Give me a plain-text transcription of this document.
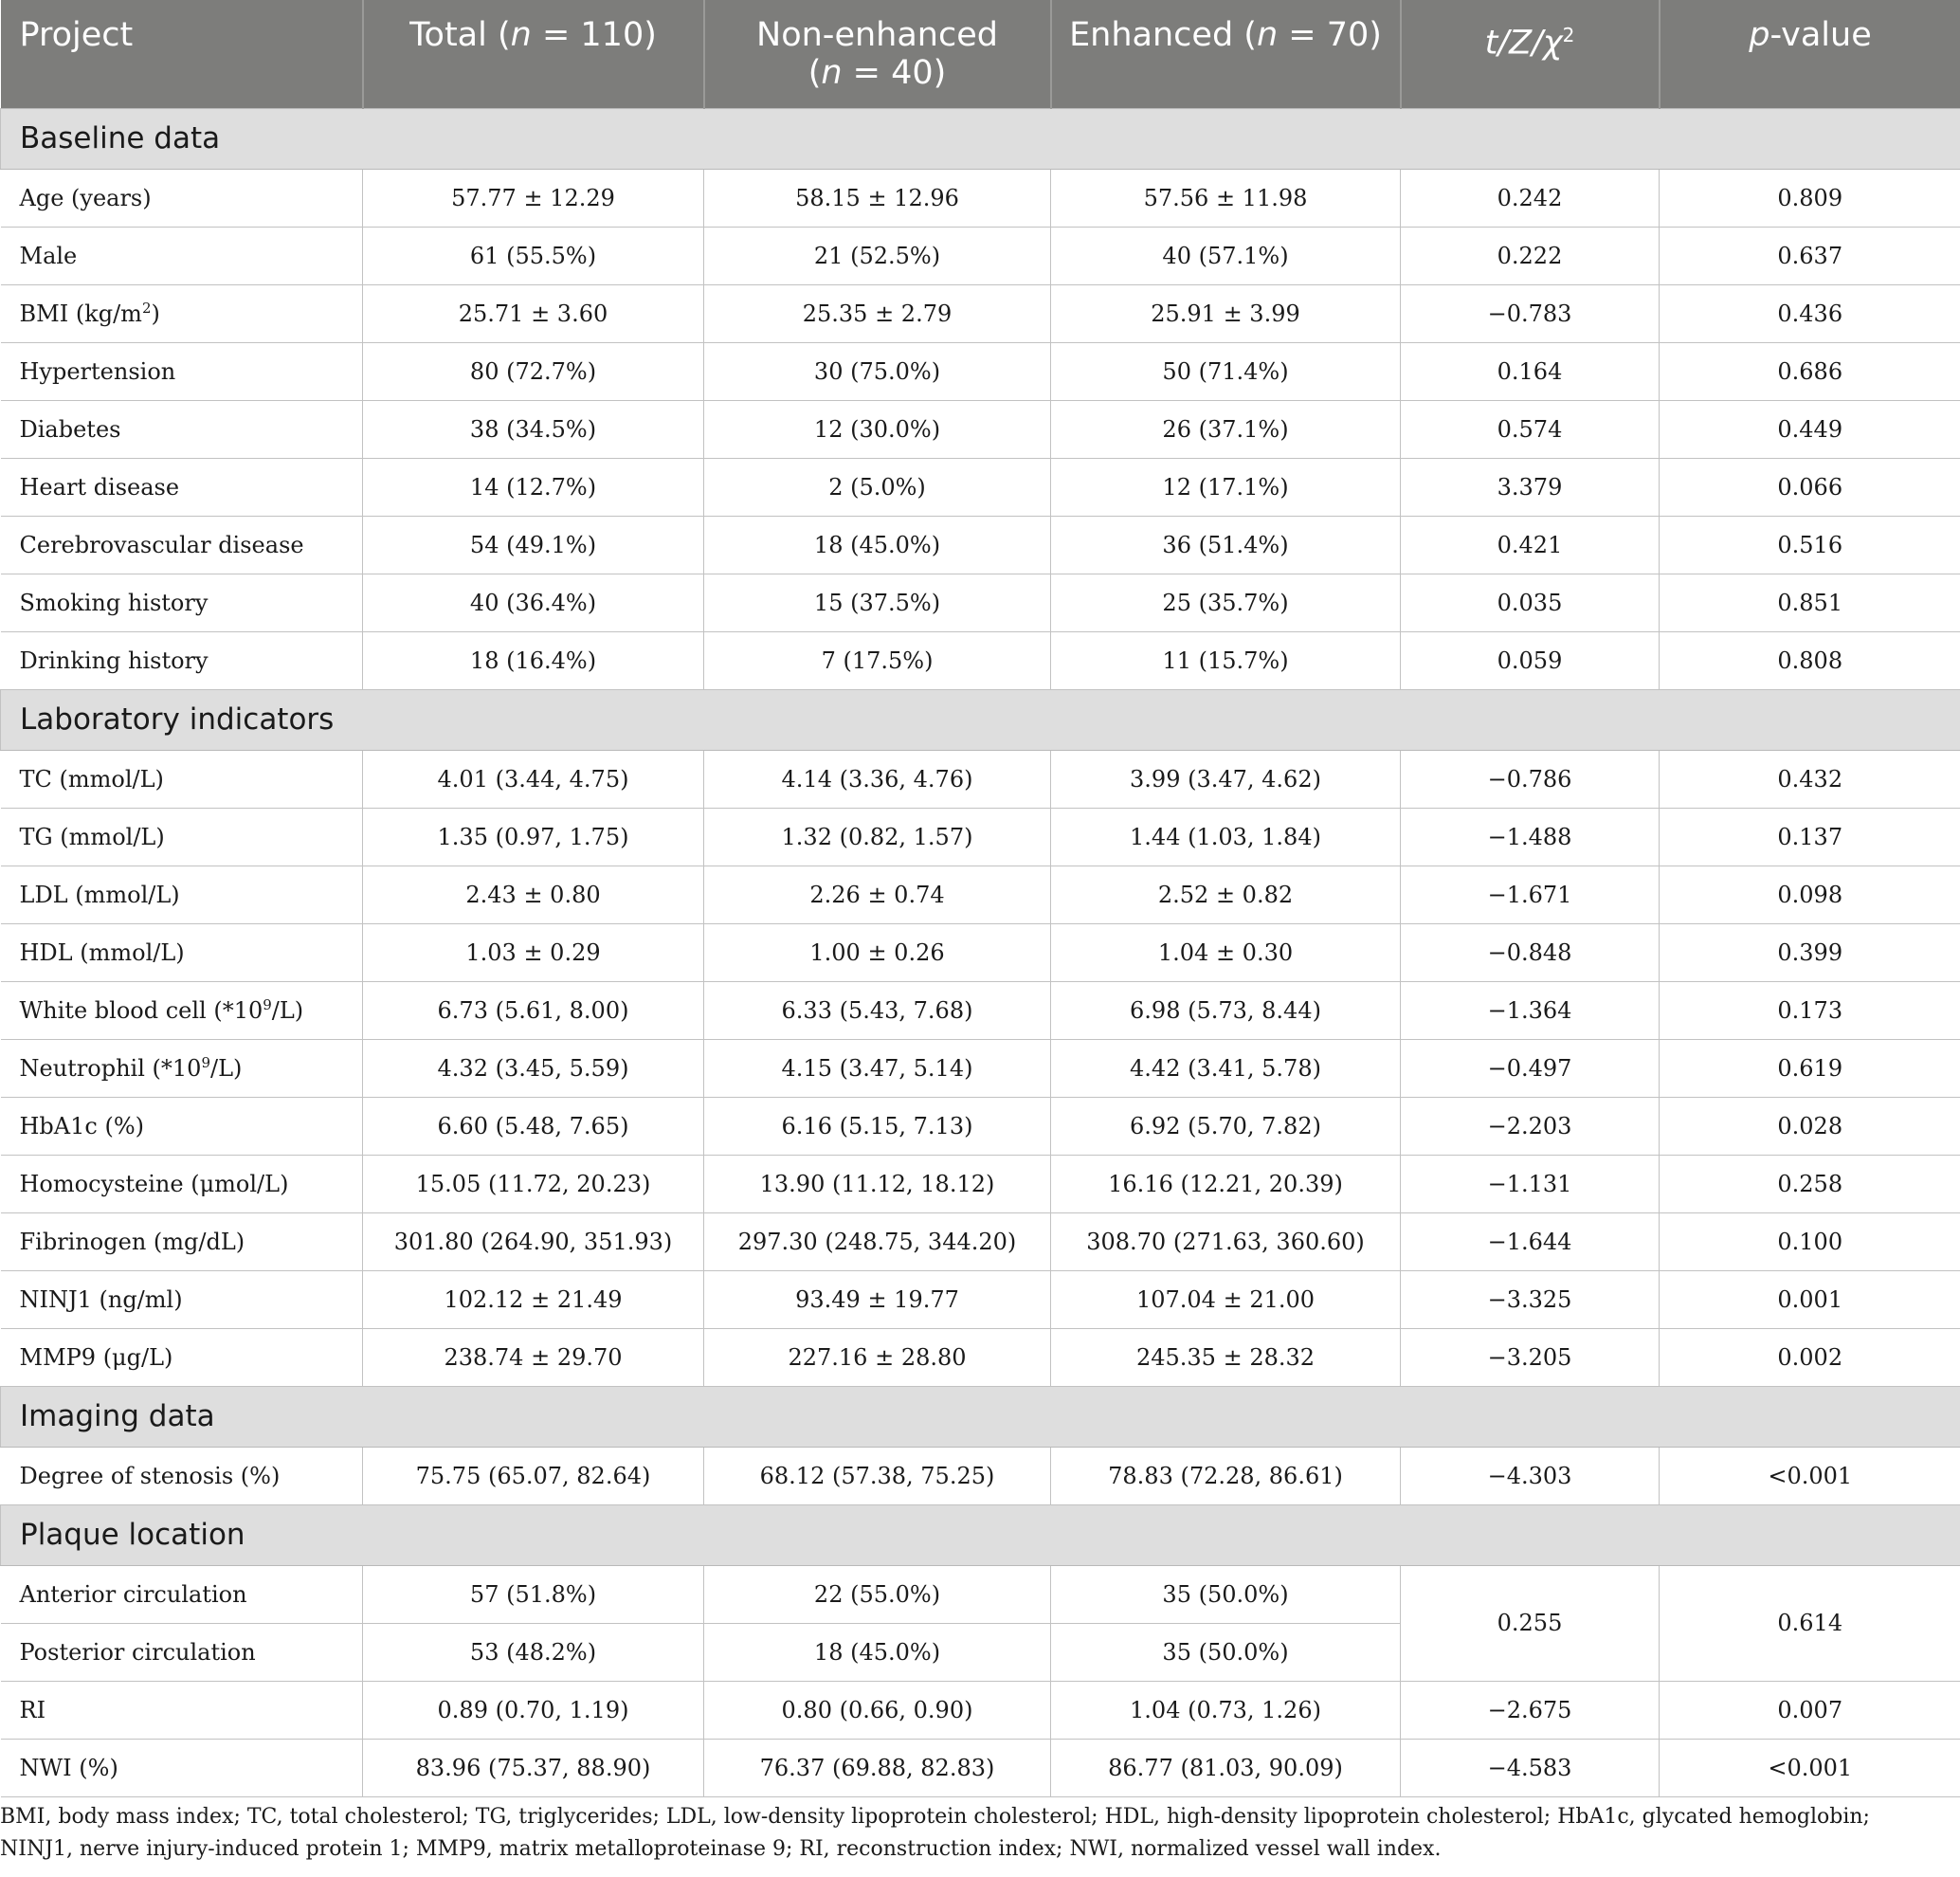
Project	Total (n = 110)	Non-enhanced
(n = 40)	Enhanced (n = 70)	$t/Z/\chi^2$	p-value
Baseline data					
Age (years)	57.77 ± 12.29	58.15 ± 12.96	57.56 ± 11.98	0.242	0.809
Male	61 (55.5%)	21 (52.5%)	40 (57.1%)	0.222	0.637
BMI $(kg/m^2)$	25.71 ± 3.60	25.35 ± 2.79	25.91 ± 3.99	−0.783	0.436
Hypertension	80 (72.7%)	30 (75.0%)	50 (71.4%)	0.164	0.686
Diabetes	38 (34.5%)	12 (30.0%)	26 (37.1%)	0.574	0.449
Heart disease	14 (12.7%)	2 (5.0%)	12 (17.1%)	3.379	0.066
Cerebrovascular disease	54 (49.1%)	18 (45.0%)	36 (51.4%)	0.421	0.516
Smoking history	40 (36.4%)	15 (37.5%)	25 (35.7%)	0.035	0.851
Drinking history	18 (16.4%)	7 (17.5%)	11 (15.7%)	0.059	0.808
Laboratory indicators					
TC (mmol/L)	4.01 (3.44, 4.75)	4.14 (3.36, 4.76)	3.99 (3.47, 4.62)	−0.786	0.432
TG (mmol/L)	1.35 (0.97, 1.75)	1.32 (0.82, 1.57)	1.44 (1.03, 1.84)	−1.488	0.137
LDL (mmol/L)	2.43 ± 0.80	2.26 ± 0.74	2.52 ± 0.82	−1.671	0.098
HDL (mmol/L)	1.03 ± 0.29	1.00 ± 0.26	1.04 ± 0.30	−0.848	0.399
White blood cell $(*10^9/L)$	6.73 (5.61, 8.00)	6.33 (5.43, 7.68)	6.98 (5.73, 8.44)	−1.364	0.173
Neutrophil $(*10^9/L)$	4.32 (3.45, 5.59)	4.15 (3.47, 5.14)	4.42 (3.41, 5.78)	−0.497	0.619
HbA1c (%)	6.60 (5.48, 7.65)	6.16 (5.15, 7.13)	6.92 (5.70, 7.82)	−2.203	0.028
Homocysteine (μmol/L)	15.05 (11.72, 20.23)	13.90 (11.12, 18.12)	16.16 (12.21, 20.39)	−1.131	0.258
Fibrinogen (mg/dL)	301.80 (264.90, 351.93)	297.30 (248.75, 344.20)	308.70 (271.63, 360.60)	−1.644	0.100
NINJ1 (ng/ml)	102.12 ± 21.49	93.49 ± 19.77	107.04 ± 21.00	−3.325	0.001
MMP9 (μg/L)	238.74 ± 29.70	227.16 ± 28.80	245.35 ± 28.32	−3.205	0.002
Imaging data					
Degree of stenosis (%)	75.75 (65.07, 82.64)	68.12 (57.38, 75.25)	78.83 (72.28, 86.61)	−4.303	<0.001
Plaque location					
Anterior circulation	57 (51.8%)	22 (55.0%)	35 (50.0%)	0.255	0.614
Posterior circulation	53 (48.2%)	18 (45.0%)	35 (50.0%)		
RI	0.89 (0.70, 1.19)	0.80 (0.66, 0.90)	1.04 (0.73, 1.26)	−2.675	0.007
NWI (%)	83.96 (75.37, 88.90)	76.37 (69.88, 82.83)	86.77 (81.03, 90.09)	−4.583	<0.001

BMI, body mass index; TC, total cholesterol; TG, triglycerides; LDL, low-density lipoprotein cholesterol; HDL, high-density lipoprotein cholesterol; HbA1c, glycated hemoglobin; NINJ1, nerve injury-induced protein 1; MMP9, matrix metalloproteinase 9; RI, reconstruction index; NWI, normalized vessel wall index.
